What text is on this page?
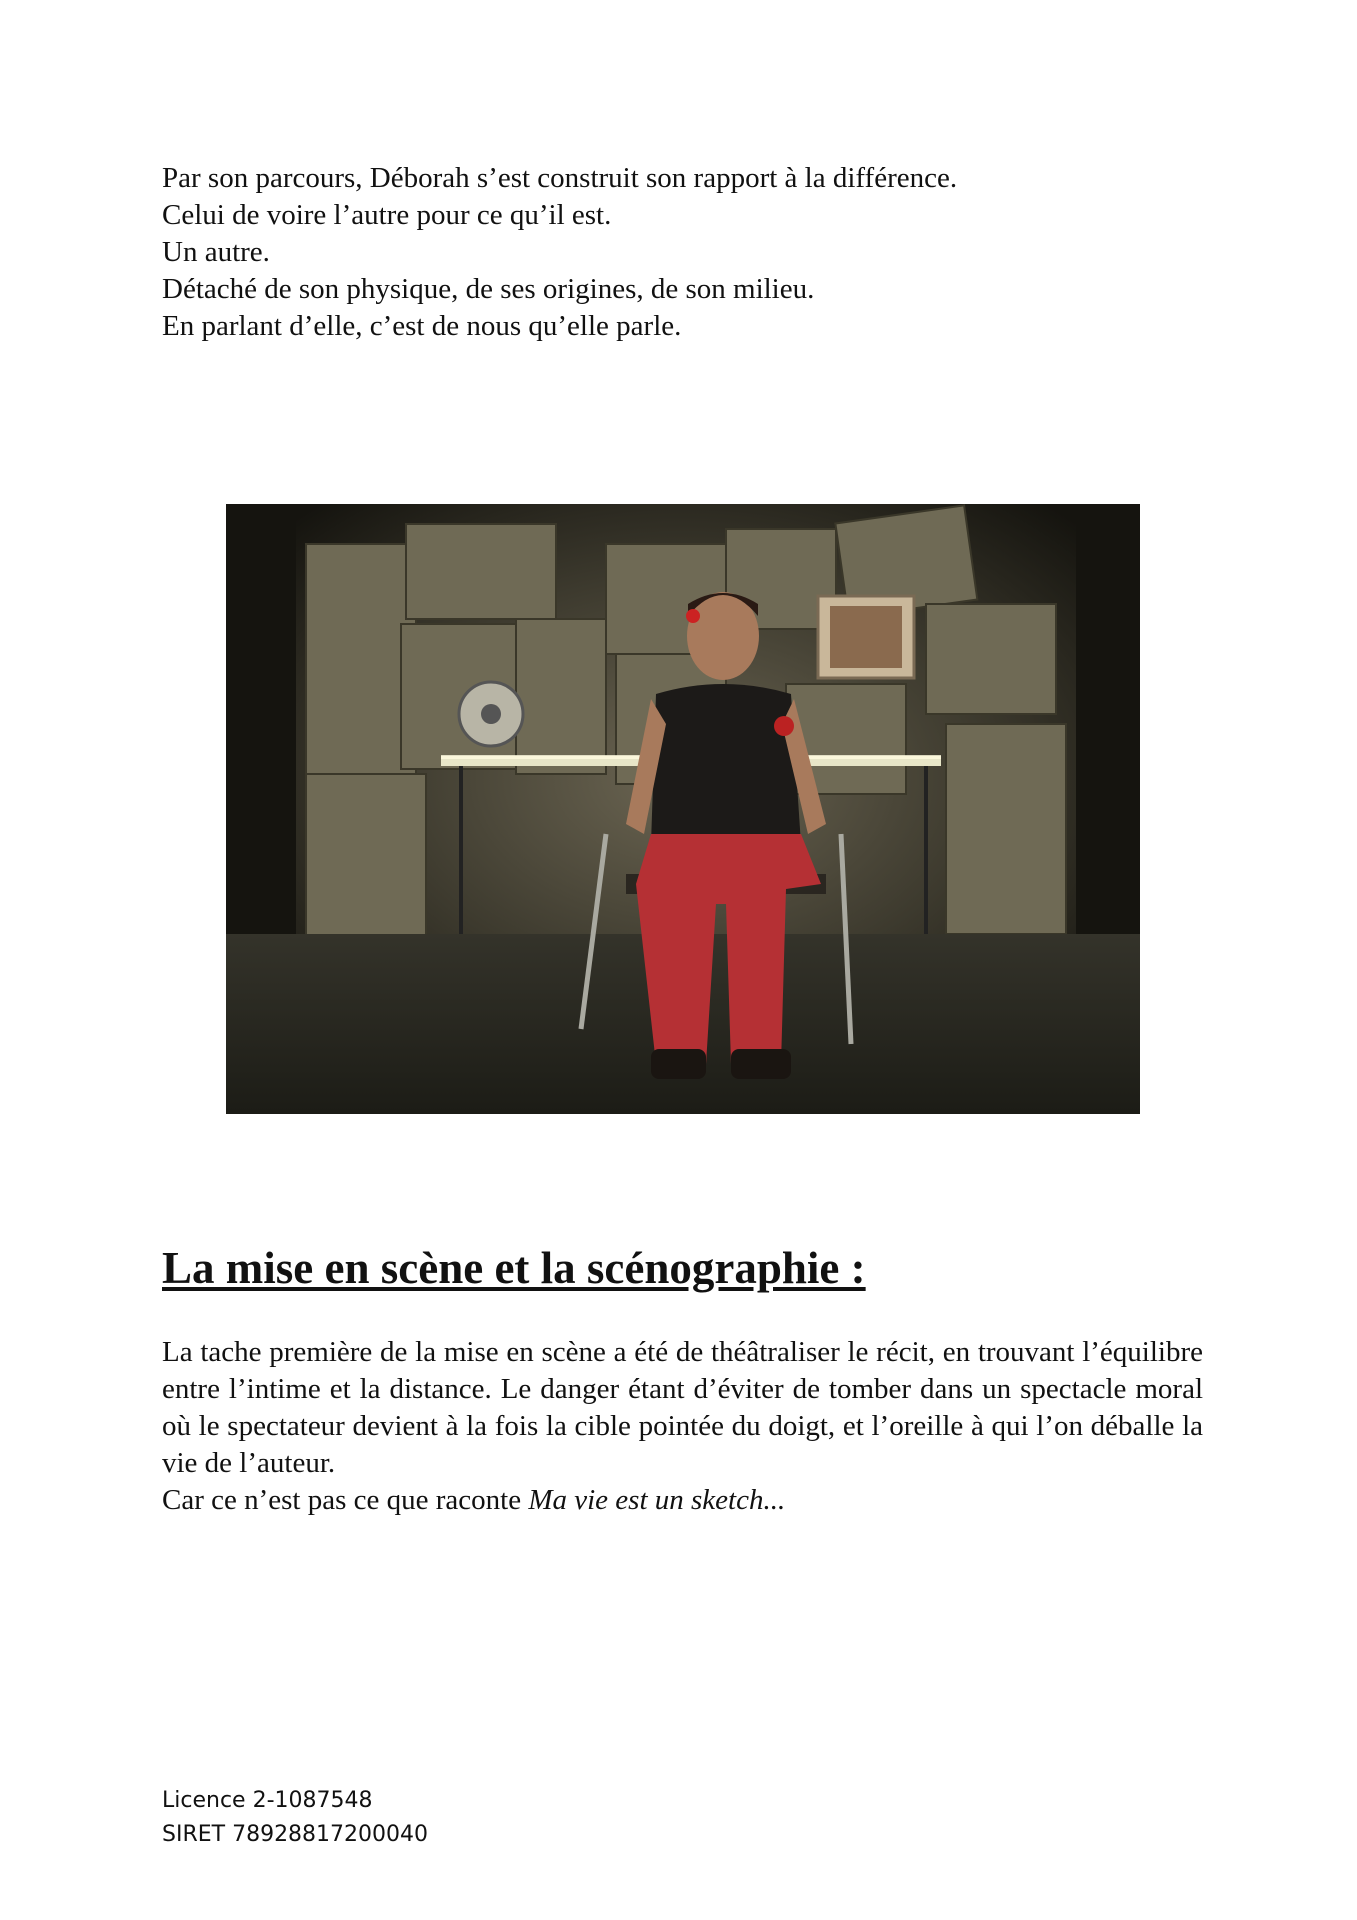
Par son parcours, Déborah s’est construit son rapport à la différence.

Celui de voire l’autre pour ce qu’il est.

Un autre.

Détaché de son physique, de ses origines, de son milieu.

En parlant d’elle, c’est de nous qu’elle parle.

La mise en scène et la scénographie :

La tache première de la mise en scène a été de théâtraliser le récit, en trouvant l’équilibre entre l’intime et la distance. Le danger étant d’éviter de tomber dans un spectacle moral où le spectateur devient à la fois la cible pointée du doigt, et l’oreille à qui l’on déballe la vie de l’auteur.

Car ce n’est pas ce que raconte Ma vie est un sketch...

Licence 2-1087548
SIRET 78928817200040
